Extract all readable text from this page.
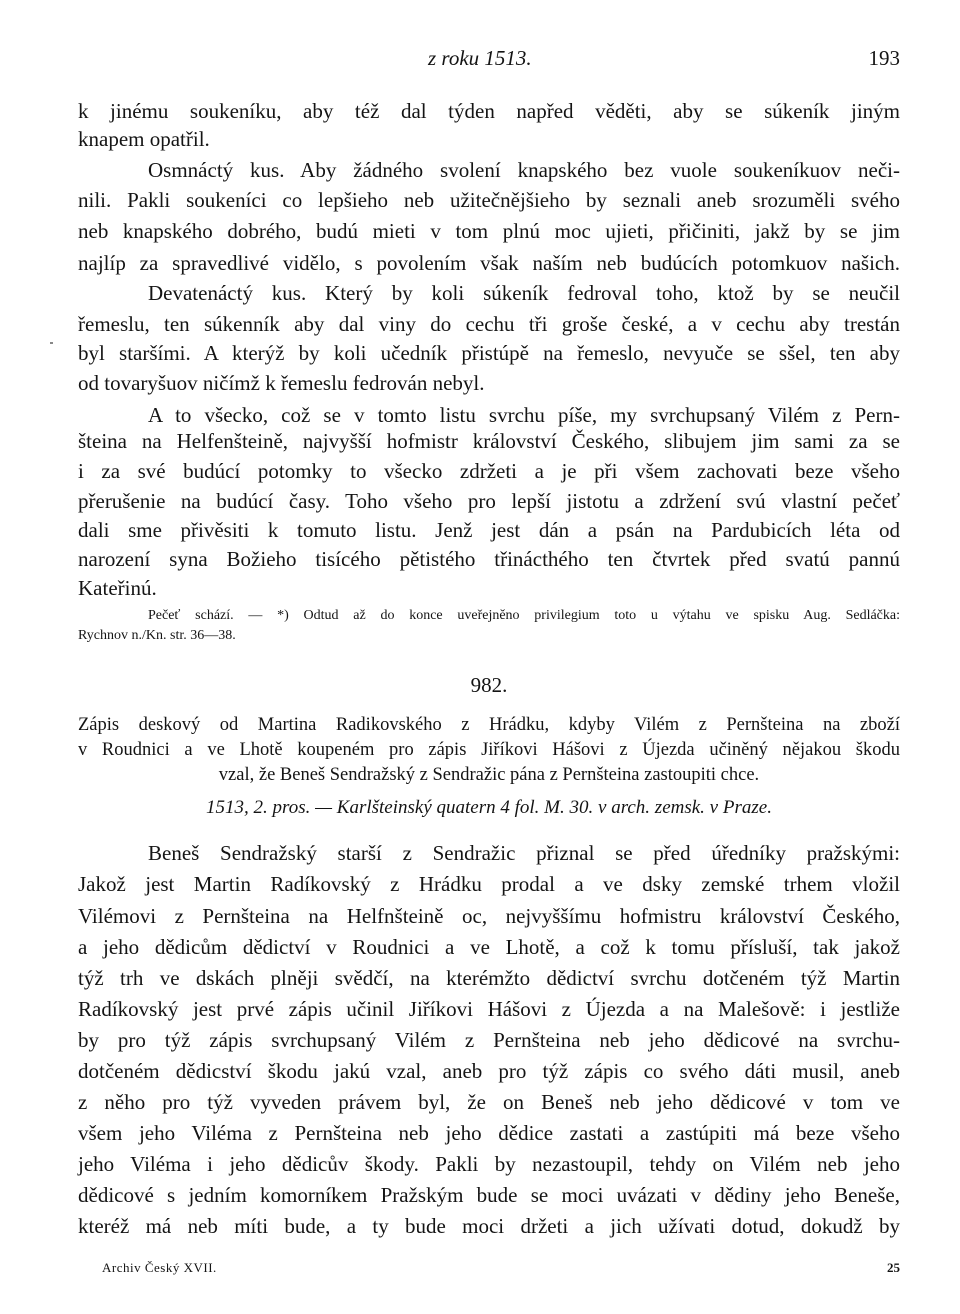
z roku 1513.	193
k jinému soukeníku, aby též dal týden napřed věděti, aby se súkeník jiným
knapem opatřil.
Osmnáctý kus. Aby žádného svolení knapského bez vuole soukeníkuov neči-
nili. Pakli soukeníci co lepšieho neb užitečnějšieho by seznali aneb srozuměli svého
neb knapského dobrého, budú mieti v tom plnú moc ujieti, přičiniti, jakž by se jim
najlíp za spravedlivé vidělo, s povolením však naším neb budúcích potomkuov našich.
Devatenáctý kus. Který by koli súkeník fedroval toho, ktož by se neučil
řemeslu, ten súkenník aby dal viny do cechu tři groše české, a v cechu aby trestán
byl staršími. A kterýž by koli učedník přistúpě na řemeslo, nevyuče se sšel, ten aby
od tovaryšuov ničímž k řemeslu fedrován nebyl.
A to všecko, což se v tomto listu svrchu píše, my svrchupsaný Vilém z Pern-
šteina na Helfenšteině, najvyšší hofmistr království Českého, slibujem jim sami za se
i za své budúcí potomky to všecko zdržeti a je při všem zachovati beze všeho
přerušenie na budúcí časy. Toho všeho pro lepší jistotu a zdržení svú vlastní pečeť
dali sme přivěsiti k tomuto listu. Jenž jest dán a psán na Pardubicích léta od
narození syna Božieho tisícého pětistého třinácthého ten čtvrtek před svatú pannú
Kateřinú.
Pečeť schází. — *) Odtud až do konce uveřejněno privilegium toto u výtahu ve spisku Aug. Sedláčka:
Rychnov n./Kn. str. 36—38.
982.
Zápis deskový od Martina Radikovského z Hrádku, kdyby Vilém z Pernšteina na zboží
v Roudnici a ve Lhotě koupeném pro zápis Jiříkovi Hášovi z Újezda učiněný nějakou škodu
vzal, že Beneš Sendražský z Sendražic pána z Pernšteina zastoupiti chce.
1513, 2. pros. — Karlšteinský quatern 4 fol. M. 30. v arch. zemsk. v Praze.
Beneš Sendražský starší z Sendražic přiznal se před úředníky pražskými:
Jakož jest Martin Radíkovský z Hrádku prodal a ve dsky zemské trhem vložil
Vilémovi z Pernšteina na Helfnšteině oc, nejvyššímu hofmistru království Českého,
a jeho dědicům dědictví v Roudnici a ve Lhotě, a což k tomu přísluší, tak jakož
týž trh ve dskách plněji svědčí, na kterémžto dědictví svrchu dotčeném týž Martin
Radíkovský jest prvé zápis učinil Jiříkovi Hášovi z Újezda a na Malešově: i jestliže
by pro týž zápis svrchupsaný Vilém z Pernšteina neb jeho dědicové na svrchu-
dotčeném dědicství škodu jakú vzal, aneb pro týž zápis co svého dáti musil, aneb
z něho pro týž vyveden právem byl, že on Beneš neb jeho dědicové v tom ve
všem jeho Viléma z Pernšteina neb jeho dědice zastati a zastúpiti má beze všeho
jeho Viléma i jeho dědicův škody. Pakli by nezastoupil, tehdy on Vilém neb jeho
dědicové s jedním komorníkem Pražským bude se moci uvázati v dědiny jeho Beneše,
kteréž má neb míti bude, a ty bude moci držeti a jich užívati dotud, dokudž by
Archiv Český XVII.	25
